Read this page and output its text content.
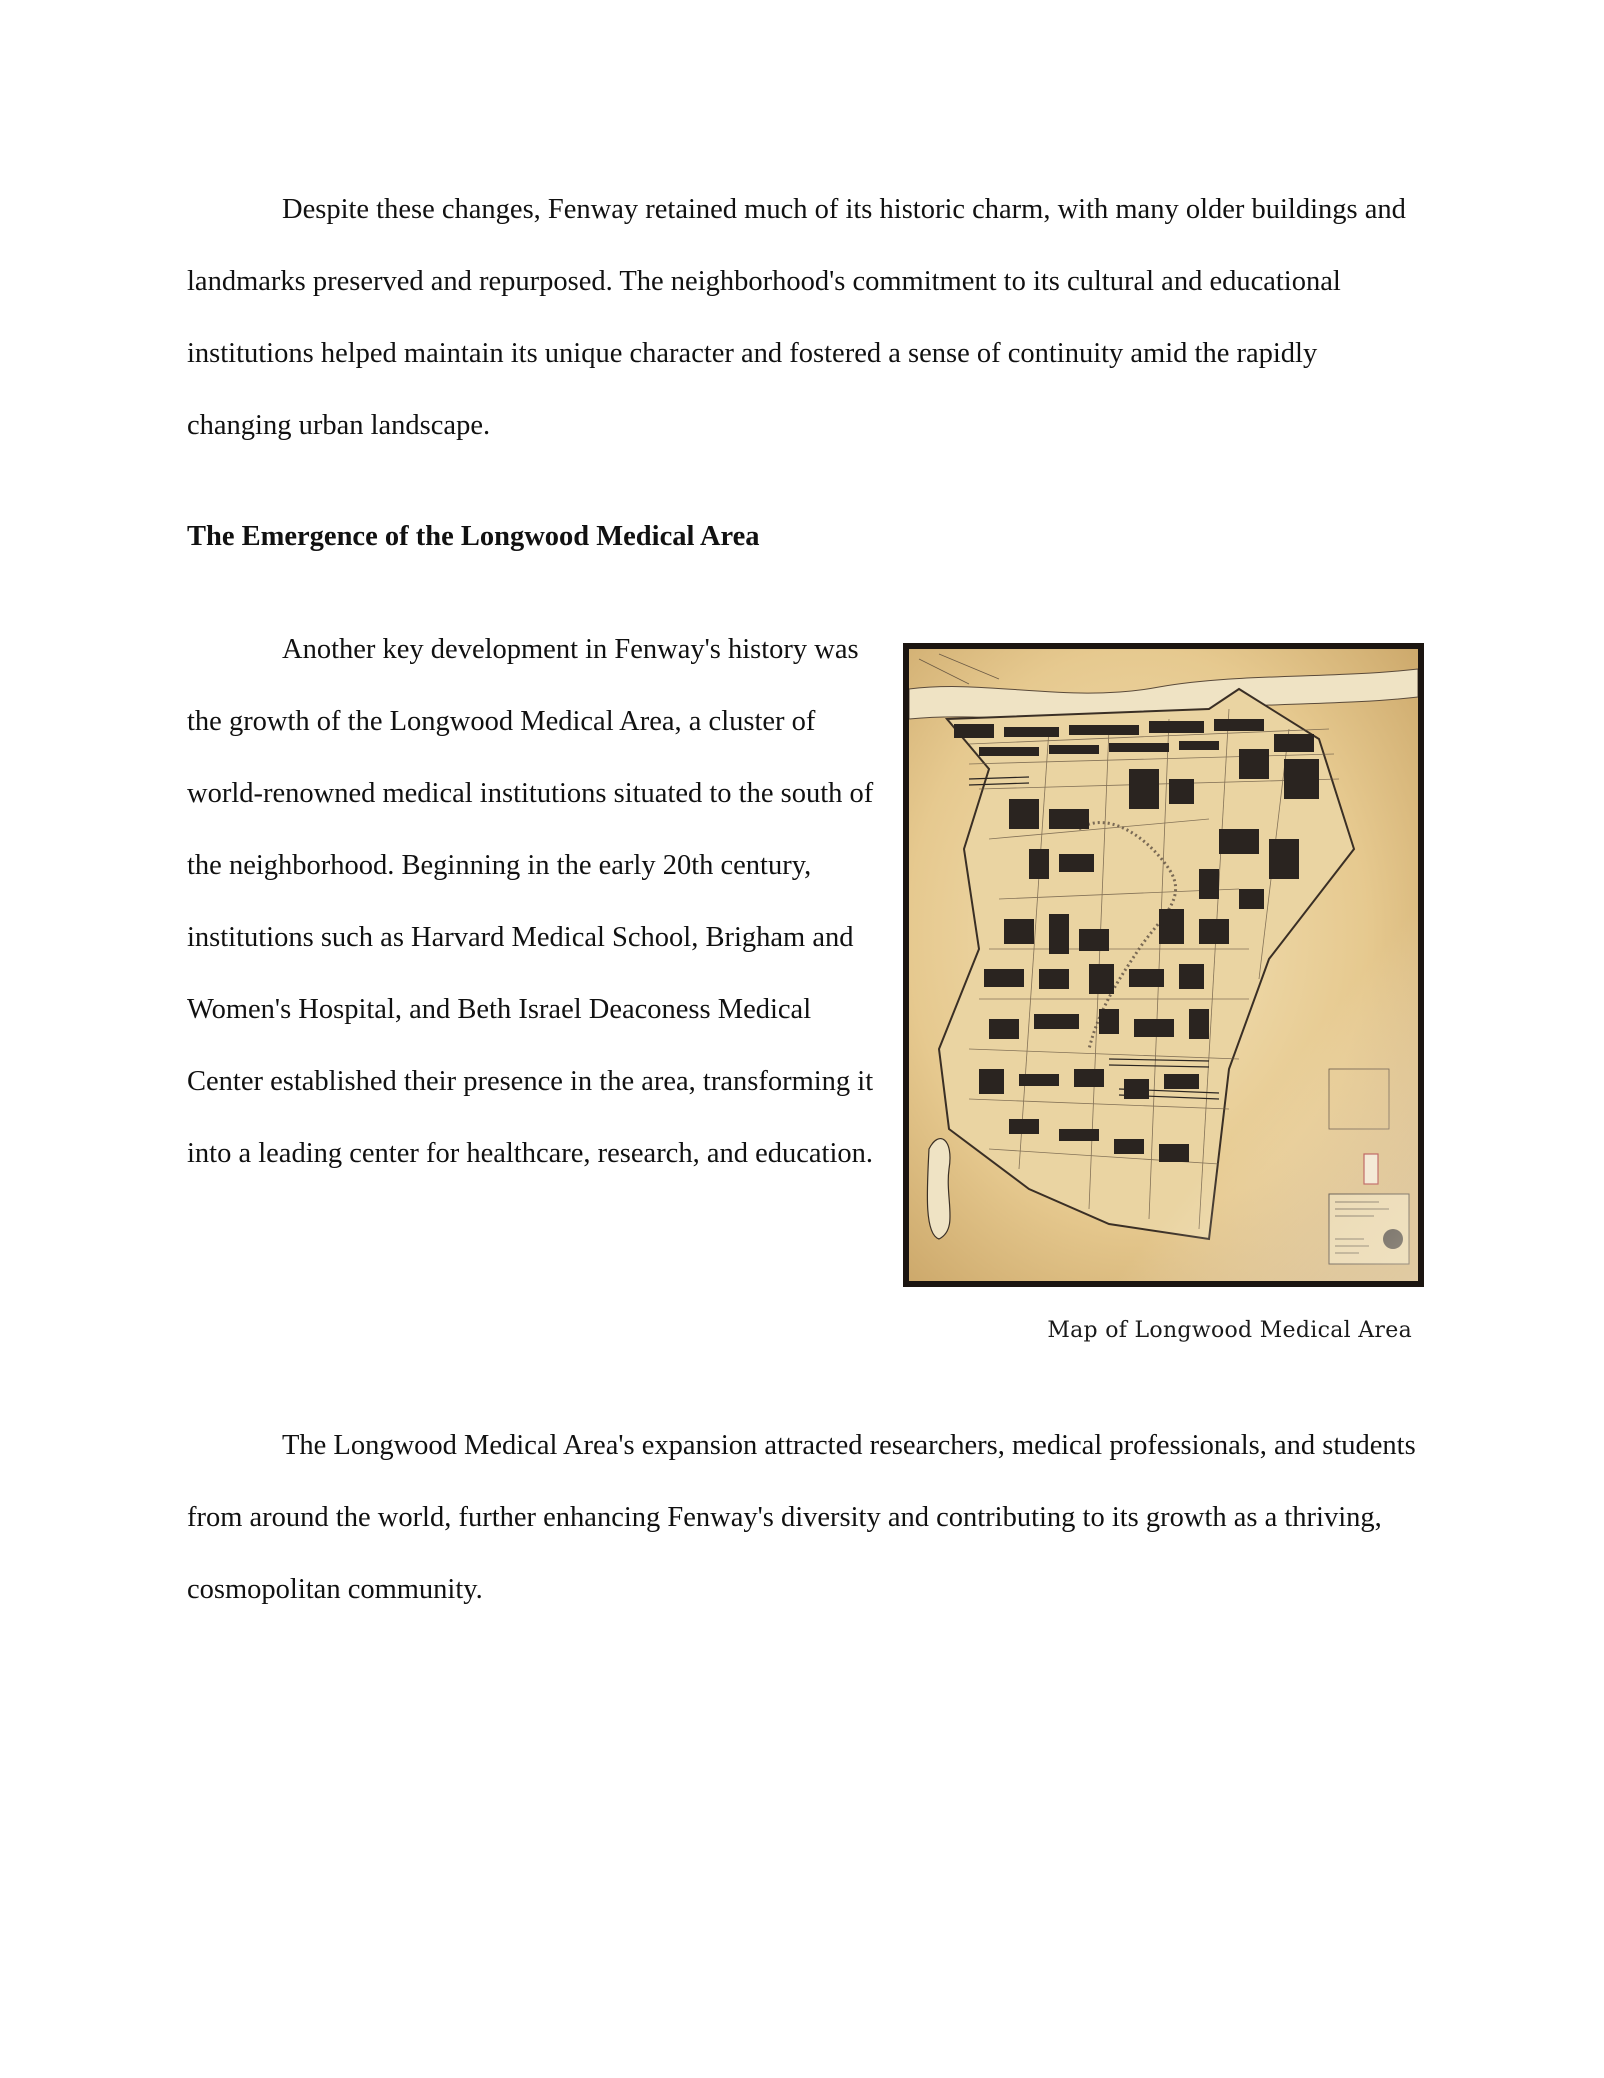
Despite these changes, Fenway retained much of its historic charm, with many older buildings and landmarks preserved and repurposed. The neighborhood's commitment to its cultural and educational institutions helped maintain its unique character and fostered a sense of continuity amid the rapidly changing urban landscape.

The Emergence of the Longwood Medical Area

Another key development in Fenway's history was the growth of the Longwood Medical Area, a cluster of world-renowned medical institutions situated to the south of the neighborhood. Beginning in the early 20th century, institutions such as Harvard Medical School, Brigham and Women's Hospital, and Beth Israel Deaconess Medical Center established their presence in the area, transforming it into a leading center for healthcare, research, and education.

Map of Longwood Medical Area

The Longwood Medical Area's expansion attracted researchers, medical professionals, and students from around the world, further enhancing Fenway's diversity and contributing to its growth as a thriving, cosmopolitan community.
